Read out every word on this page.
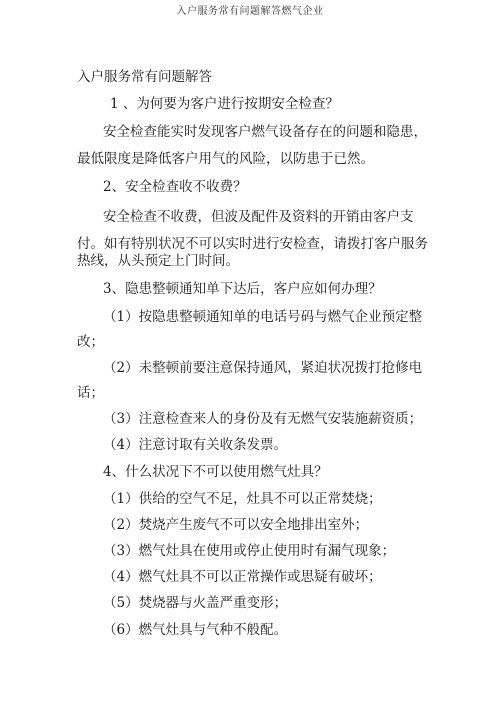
入户服务常有问题解答燃气企业
入户服务常有问题解答
1 、为何要为客户进行按期安全检查？
安全检查能实时发现客户燃气设备存在的问题和隐患，
最低限度是降低客户用气的风险，以防患于已然。
2、安全检查收不收费？
安全检查不收费，但波及配件及资料的开销由客户支
付。如有特别状况不可以实时进行安检查，请拨打客户服务
热线，从头预定上门时间。
3、隐患整顿通知单下达后，客户应如何办理？
（1）按隐患整顿通知单的电话号码与燃气企业预定整
改；
（2）未整顿前要注意保持通风，紧迫状况拨打抢修电
话；
（3）注意检查来人的身份及有无燃气安装施薪资质；
（4）注意讨取有关收条发票。
4、什么状况下不可以使用燃气灶具？
（1）供给的空气不足，灶具不可以正常焚烧；
（2）焚烧产生废气不可以安全地排出室外；
（3）燃气灶具在使用或停止使用时有漏气现象；
（4）燃气灶具不可以正常操作或思疑有破坏；
（5）焚烧器与火盖严重变形；
（6）燃气灶具与气种不般配。
